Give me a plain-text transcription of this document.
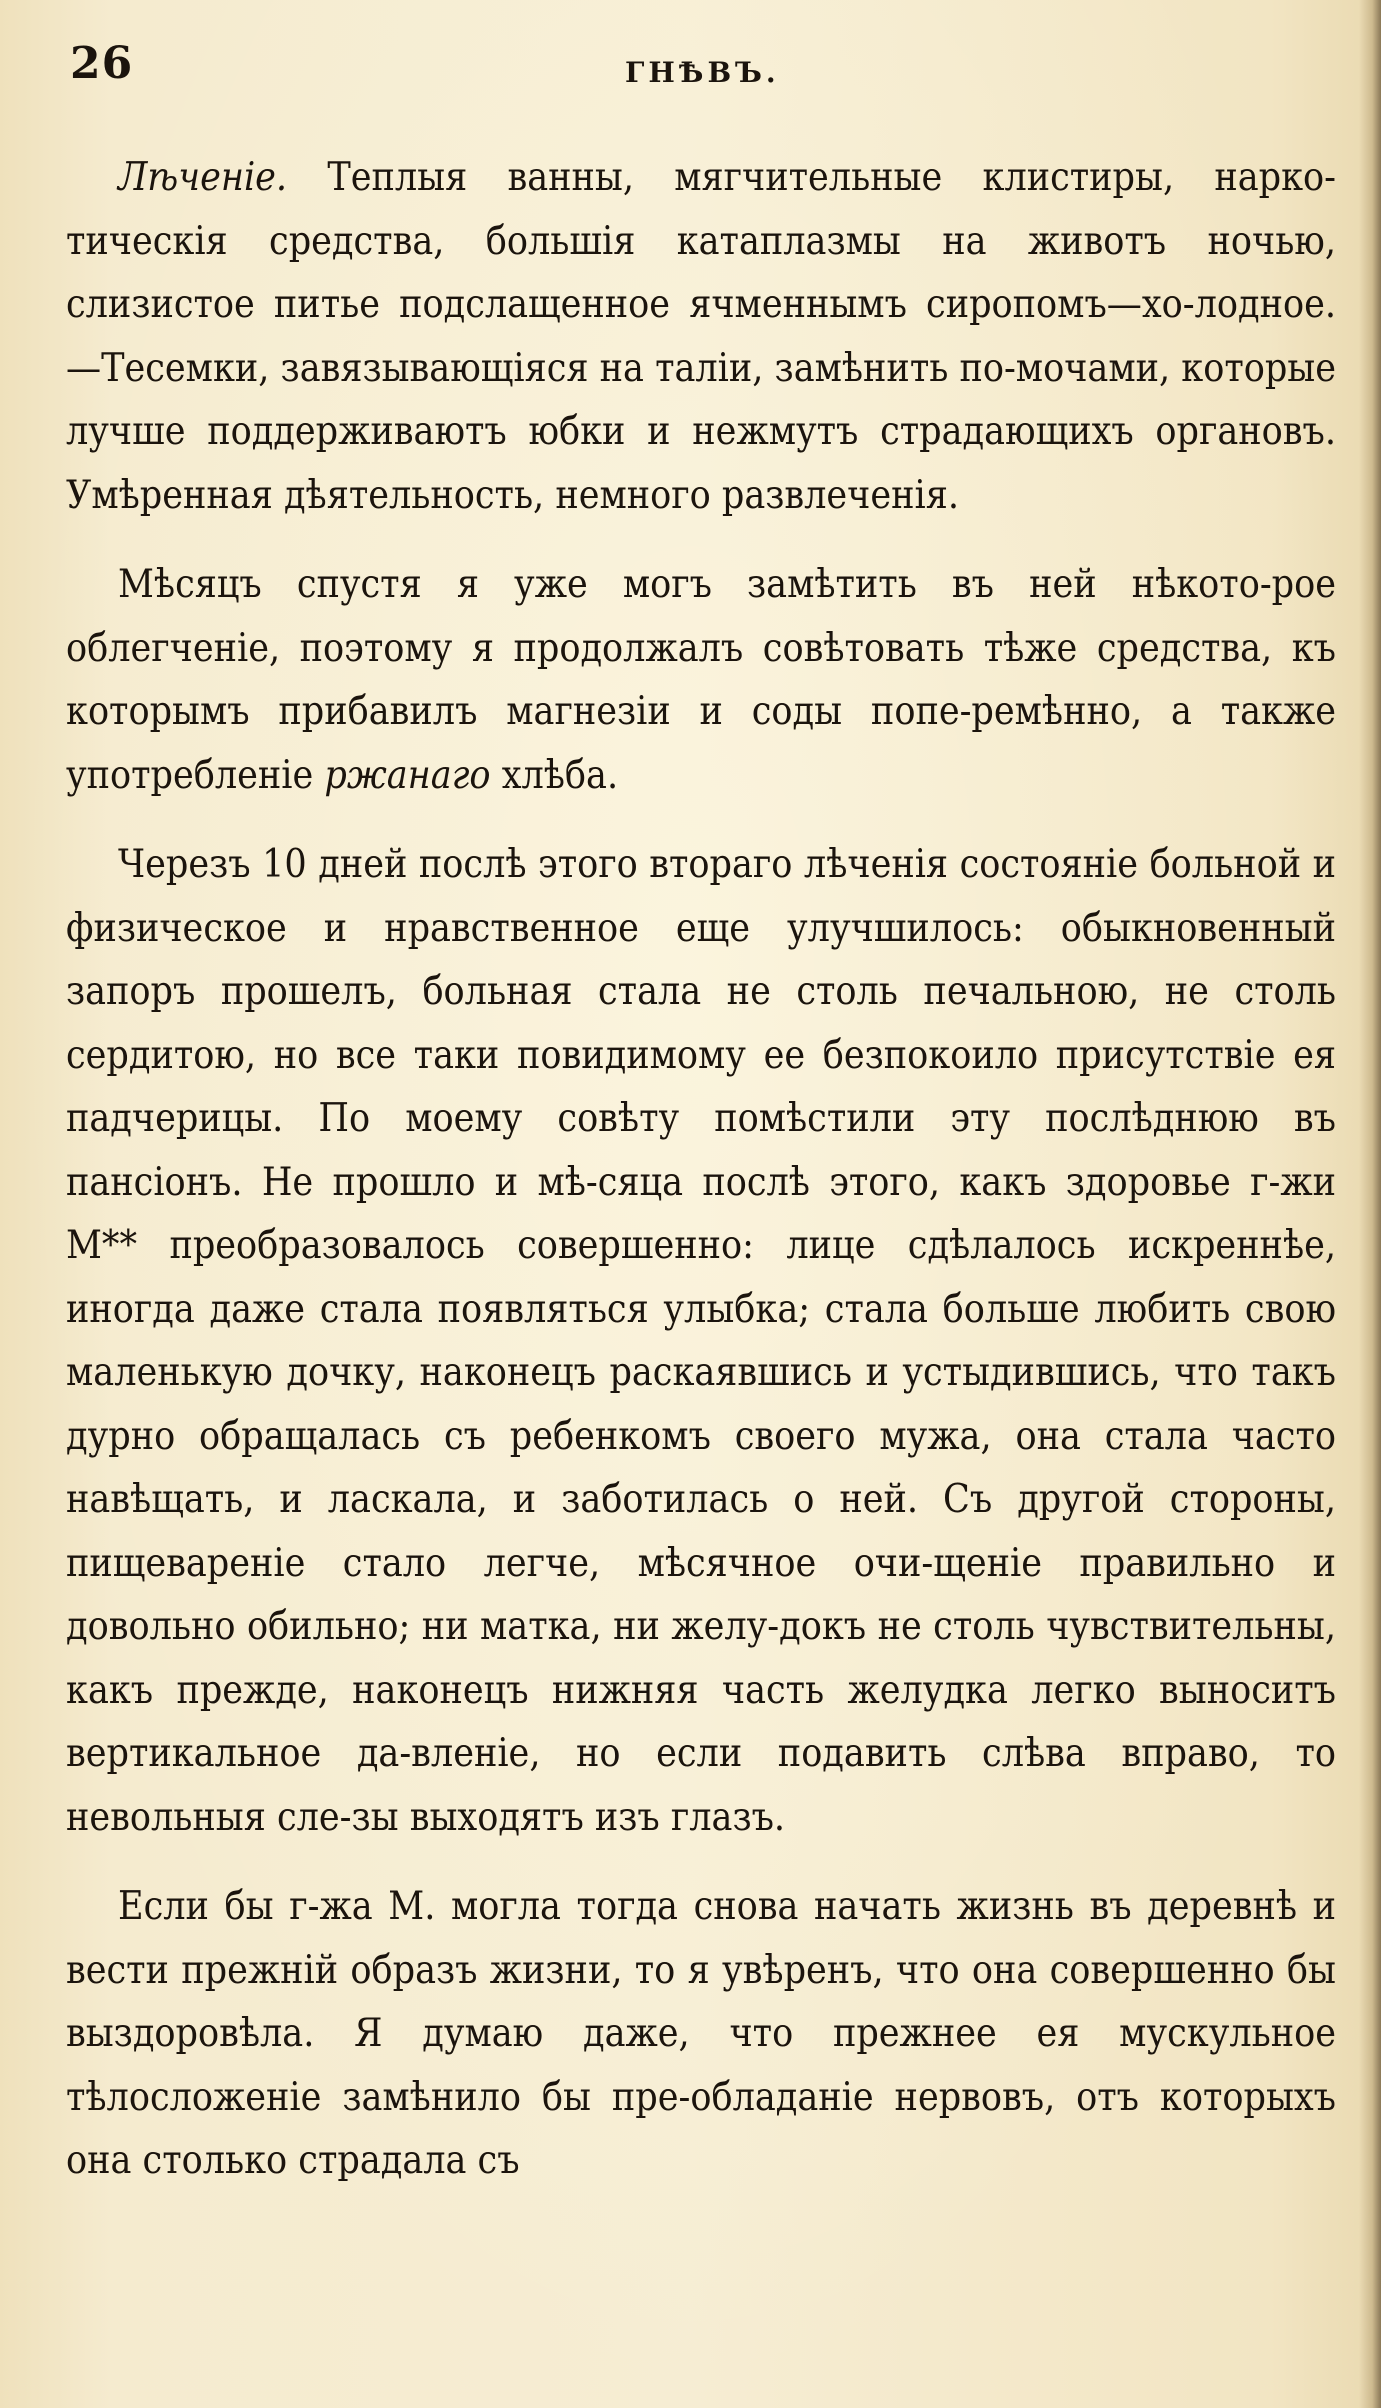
26	ГНѢВЪ.

Лѣченіе. Теплыя ванны, мягчительные клистиры, нарко-тическія средства, большія катаплазмы на животъ ночью, слизистое питье подслащенное ячменнымъ сиропомъ—хо-лодное.—Тесемки, завязывающіяся на таліи, замѣнить по-мочами, которые лучше поддерживаютъ юбки и нежмутъ страдающихъ органовъ. Умѣренная дѣятельность, немного развлеченія.

Мѣсяцъ спустя я уже могъ замѣтить въ ней нѣкото-рое облегченіе, поэтому я продолжалъ совѣтовать тѣже средства, къ которымъ прибавилъ магнезіи и соды попе-ремѣнно, а также употребленіе ржанаго хлѣба.

Черезъ 10 дней послѣ этого втораго лѣченія состояніе больной и физическое и нравственное еще улучшилось: обыкновенный запоръ прошелъ, больная стала не столь печальною, не столь сердитою, но все таки повидимому ее безпокоило присутствіе ея падчерицы. По моему совѣту помѣстили эту послѣднюю въ пансіонъ. Не прошло и мѣ-сяца послѣ этого, какъ здоровье г-жи М** преобразовалось совершенно: лице сдѣлалось искреннѣе, иногда даже стала появляться улыбка; стала больше любить свою маленькую дочку, наконецъ раскаявшись и устыдившись, что такъ дурно обращалась съ ребенкомъ своего мужа, она стала часто навѣщать, и ласкала, и заботилась о ней. Съ другой стороны, пищевареніе стало легче, мѣсячное очи-щеніе правильно и довольно обильно; ни матка, ни желу-докъ не столь чувствительны, какъ прежде, наконецъ нижняя часть желудка легко выноситъ вертикальное да-вленіе, но если подавить слѣва вправо, то невольныя сле-зы выходятъ изъ глазъ.

Если бы г-жа М. могла тогда снова начать жизнь въ деревнѣ и вести прежній образъ жизни, то я увѣренъ, что она совершенно бы выздоровѣла. Я думаю даже, что прежнее ея мускульное тѣлосложеніе замѣнило бы пре-обладаніе нервовъ, отъ которыхъ она столько страдала съ
